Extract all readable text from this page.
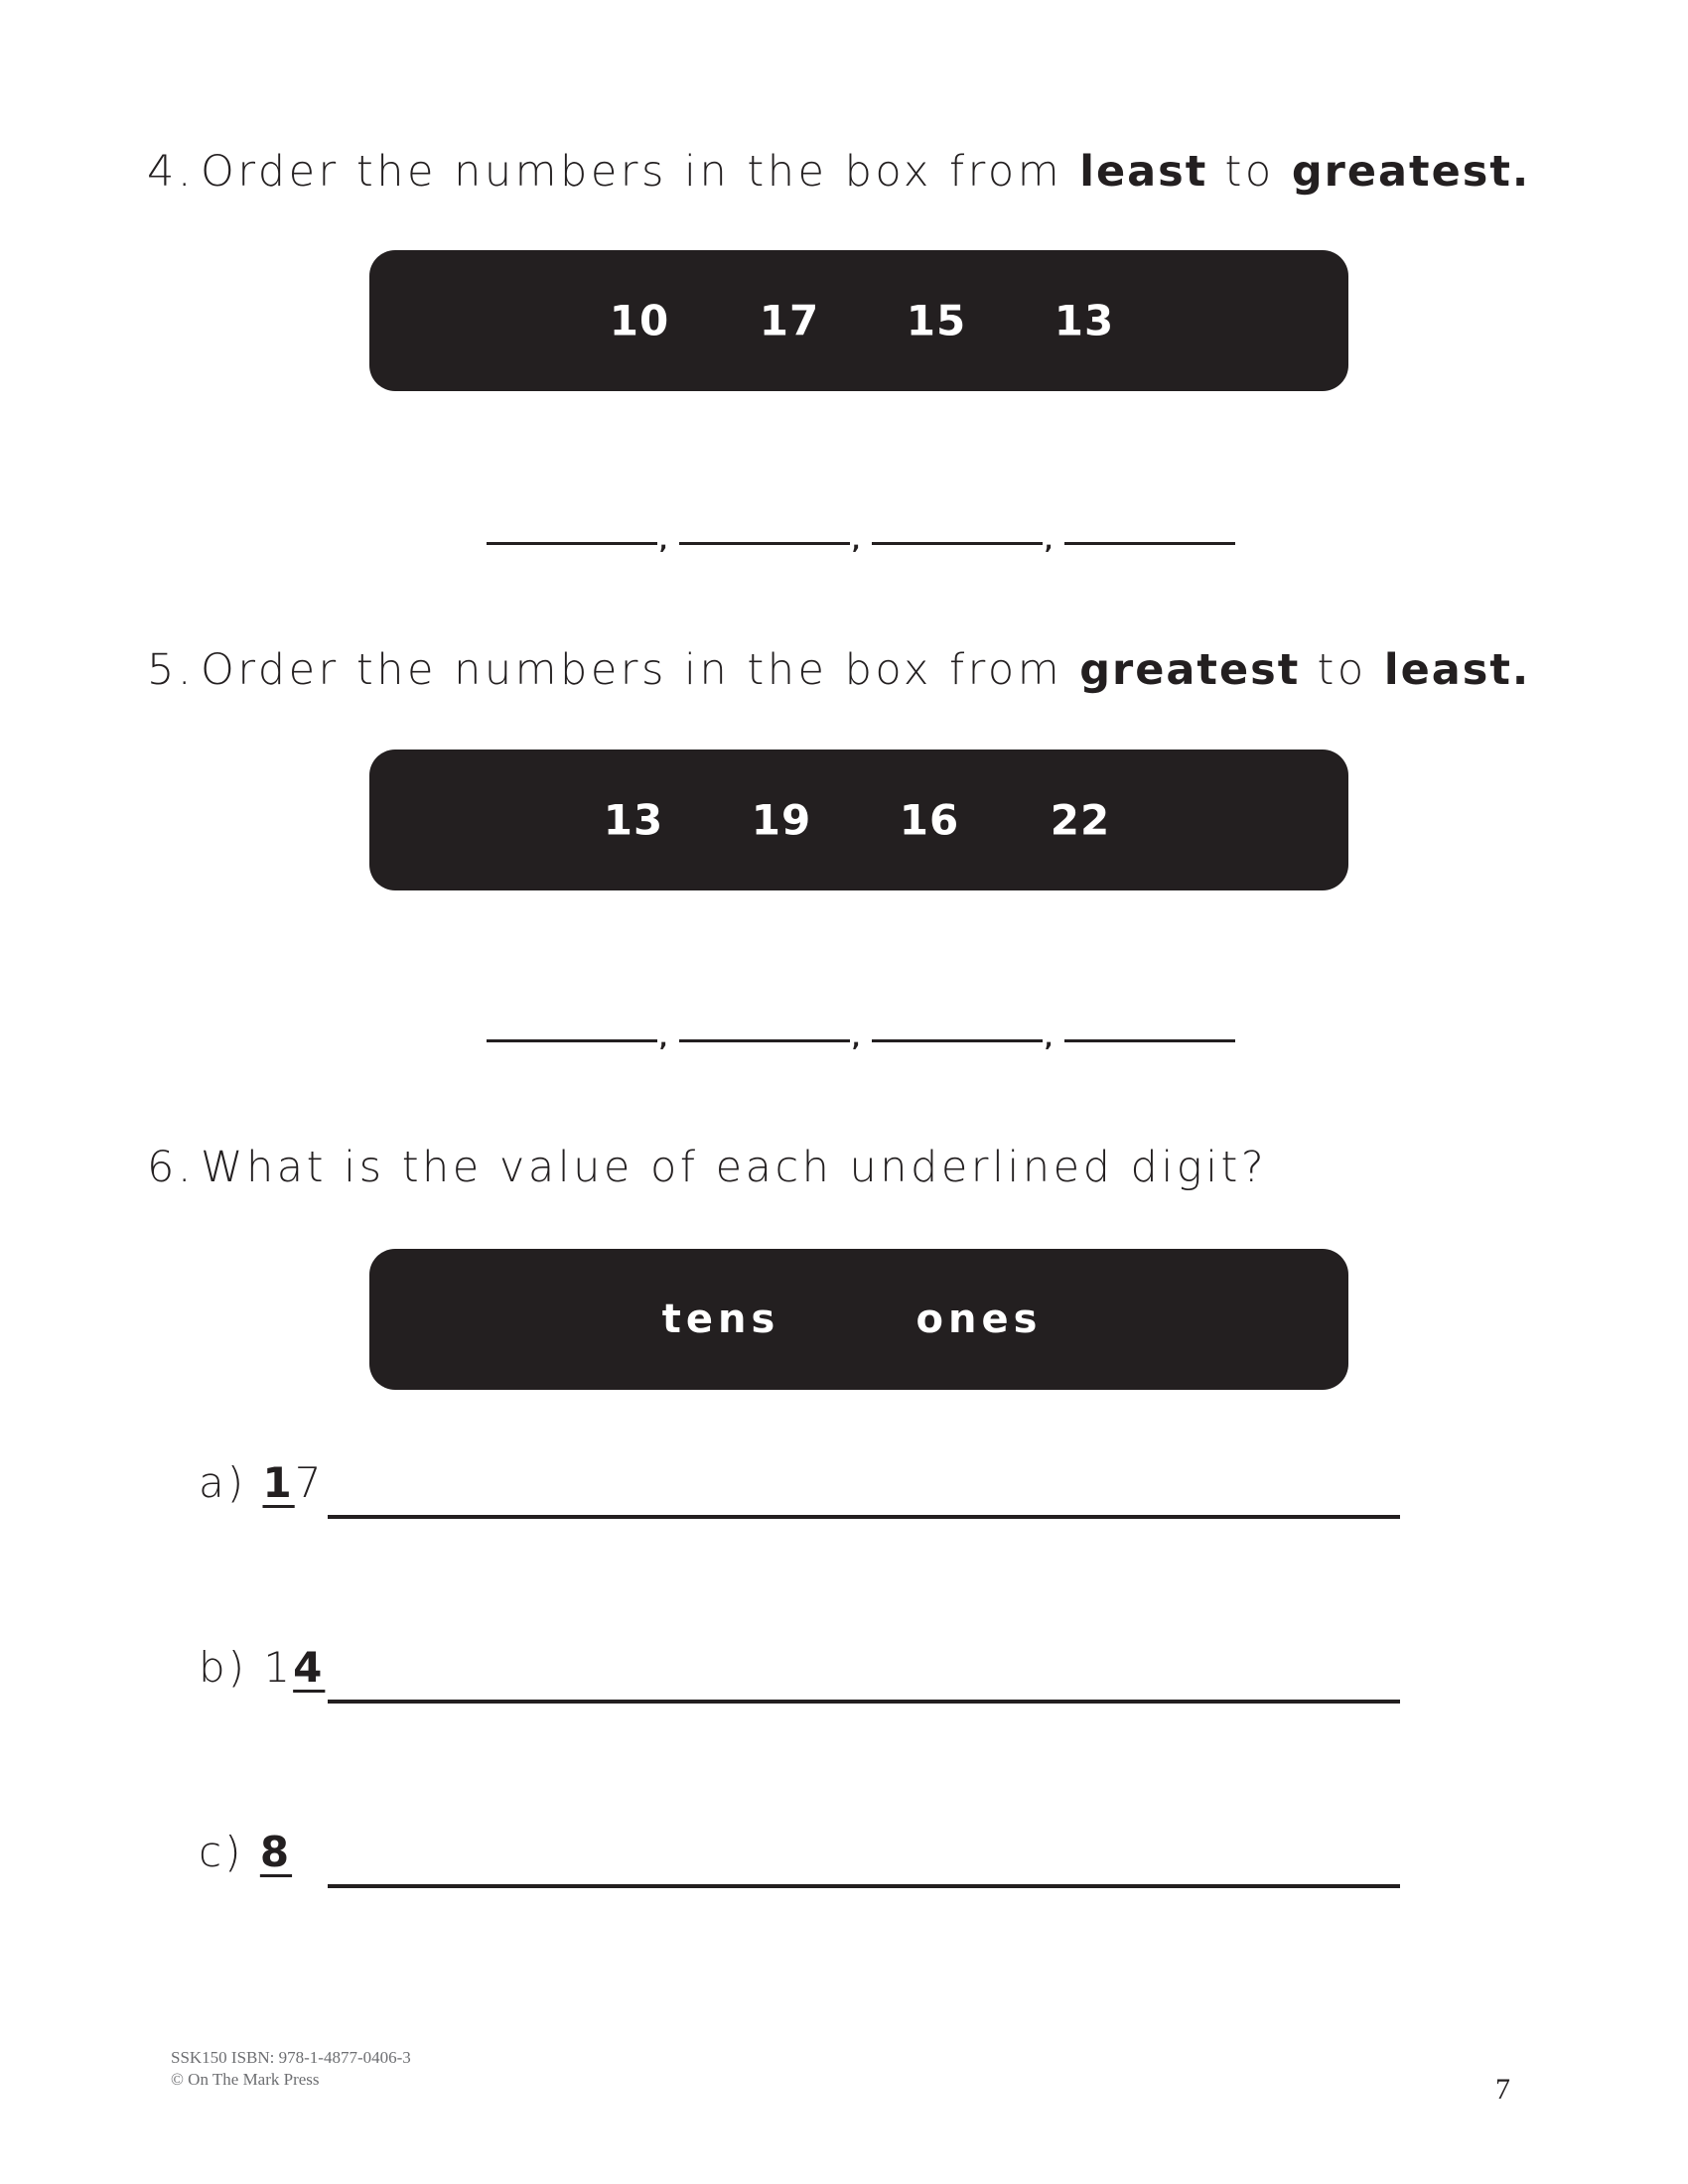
4. Order the numbers in the box from least to greatest.
10 17 15 13
,	,	,
5. Order the numbers in the box from greatest to least.
13 19 16 22
,	,	,
6. What is the value of each underlined digit?
tens	ones
a) 17
b) 14
c) 8
SSK150 ISBN: 978-1-4877-0406-3
© On The Mark Press	7
